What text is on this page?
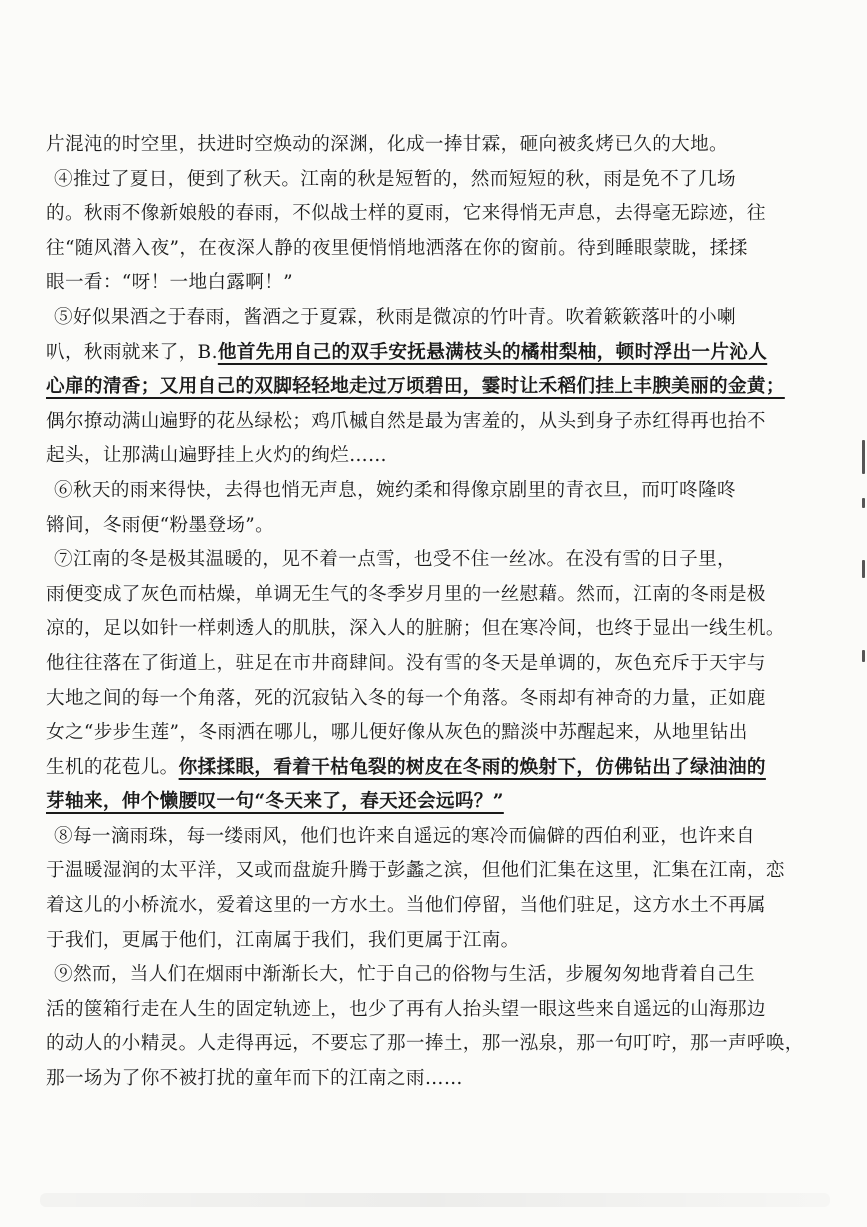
片混沌的时空里，扶进时空焕动的深渊，化成一捧甘霖，砸向被炙烤已久的大地。
④推过了夏日，便到了秋天。江南的秋是短暂的，然而短短的秋，雨是免不了几场
的。秋雨不像新娘般的春雨，不似战士样的夏雨，它来得悄无声息，去得毫无踪迹，往
往“随风潜入夜”，在夜深人静的夜里便悄悄地洒落在你的窗前。待到睡眼蒙眬，揉揉
眼一看：“呀！一地白露啊！”
⑤好似果酒之于春雨，酱酒之于夏霖，秋雨是微凉的竹叶青。吹着簌簌落叶的小喇
叭，秋雨就来了，B.他首先用自己的双手安抚悬满枝头的橘柑梨柚，顿时浮出一片沁人
心扉的清香；又用自己的双脚轻轻地走过万顷碧田，霎时让禾稻们挂上丰腴美丽的金黄；
偶尔撩动满山遍野的花丛绿松；鸡爪槭自然是最为害羞的，从头到身子赤红得再也抬不
起头，让那满山遍野挂上火灼的绚烂……
⑥秋天的雨来得快，去得也悄无声息，婉约柔和得像京剧里的青衣旦，而叮咚隆咚
锵间，冬雨便“粉墨登场”。
⑦江南的冬是极其温暖的，见不着一点雪，也受不住一丝冰。在没有雪的日子里，
雨便变成了灰色而枯燥，单调无生气的冬季岁月里的一丝慰藉。然而，江南的冬雨是极
凉的，足以如针一样刺透人的肌肤，深入人的脏腑；但在寒冷间，也终于显出一线生机。
他往往落在了街道上，驻足在市井商肆间。没有雪的冬天是单调的，灰色充斥于天宇与
大地之间的每一个角落，死的沉寂钻入冬的每一个角落。冬雨却有神奇的力量，正如鹿
女之“步步生莲”，冬雨洒在哪儿，哪儿便好像从灰色的黯淡中苏醒起来，从地里钻出
生机的花苞儿。你揉揉眼，看着干枯龟裂的树皮在冬雨的焕射下，仿佛钻出了绿油油的
芽轴来，伸个懒腰叹一句“冬天来了，春天还会远吗？”
⑧每一滴雨珠，每一缕雨风，他们也许来自遥远的寒冷而偏僻的西伯利亚，也许来自
于温暖湿润的太平洋，又或而盘旋升腾于彭蠡之滨，但他们汇集在这里，汇集在江南，恋
着这儿的小桥流水，爱着这里的一方水土。当他们停留，当他们驻足，这方水土不再属
于我们，更属于他们，江南属于我们，我们更属于江南。
⑨然而，当人们在烟雨中渐渐长大，忙于自己的俗物与生活，步履匆匆地背着自己生
活的箧箱行走在人生的固定轨迹上，也少了再有人抬头望一眼这些来自遥远的山海那边
的动人的小精灵。人走得再远，不要忘了那一捧土，那一泓泉，那一句叮咛，那一声呼唤，
那一场为了你不被打扰的童年而下的江南之雨……
